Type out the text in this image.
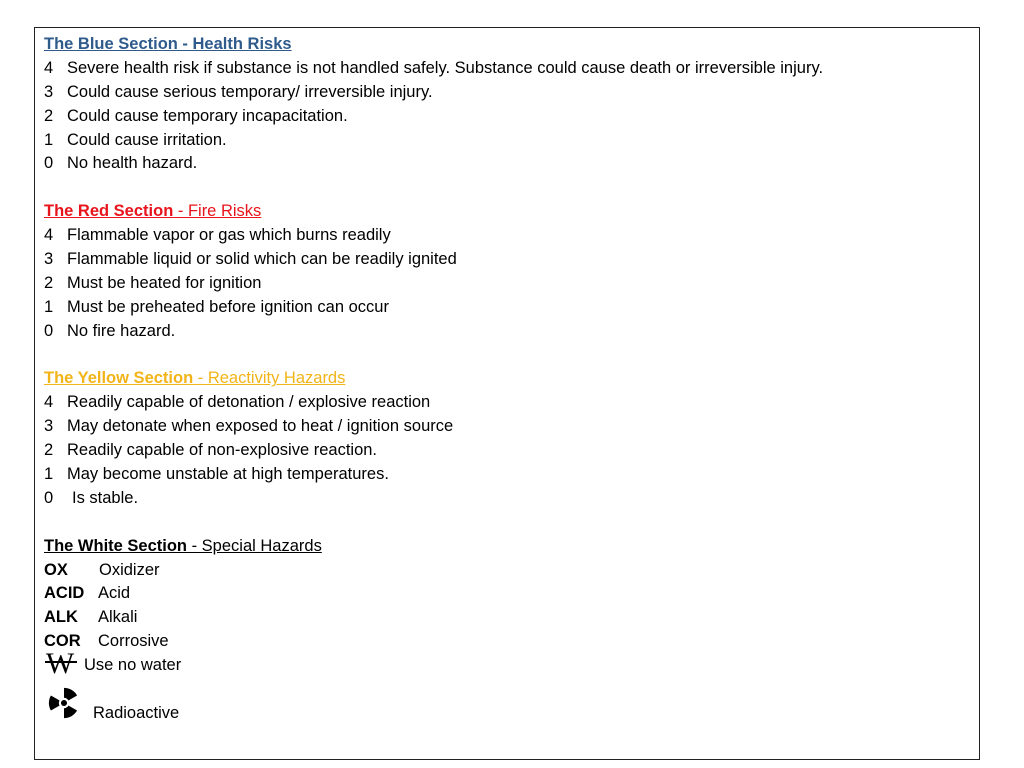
The Blue Section - Health Risks
4 Severe health risk if substance is not handled safely. Substance could cause death or irreversible injury.
3 Could cause serious temporary/ irreversible injury.
2 Could cause temporary incapacitation.
1 Could cause irritation.
0 No health hazard.
The Red Section - Fire Risks
4 Flammable vapor or gas which burns readily
3 Flammable liquid or solid which can be readily ignited
2 Must be heated for ignition
1 Must be preheated before ignition can occur
0 No fire hazard.
The Yellow Section - Reactivity Hazards
4 Readily capable of detonation / explosive reaction
3 May detonate when exposed to heat / ignition source
2 Readily capable of non-explosive reaction.
1 May become unstable at high temperatures.
0 Is stable.
The White Section - Special Hazards
OX Oxidizer
ACID Acid
ALK Alkali
COR Corrosive
W Use no water
Radioactive
